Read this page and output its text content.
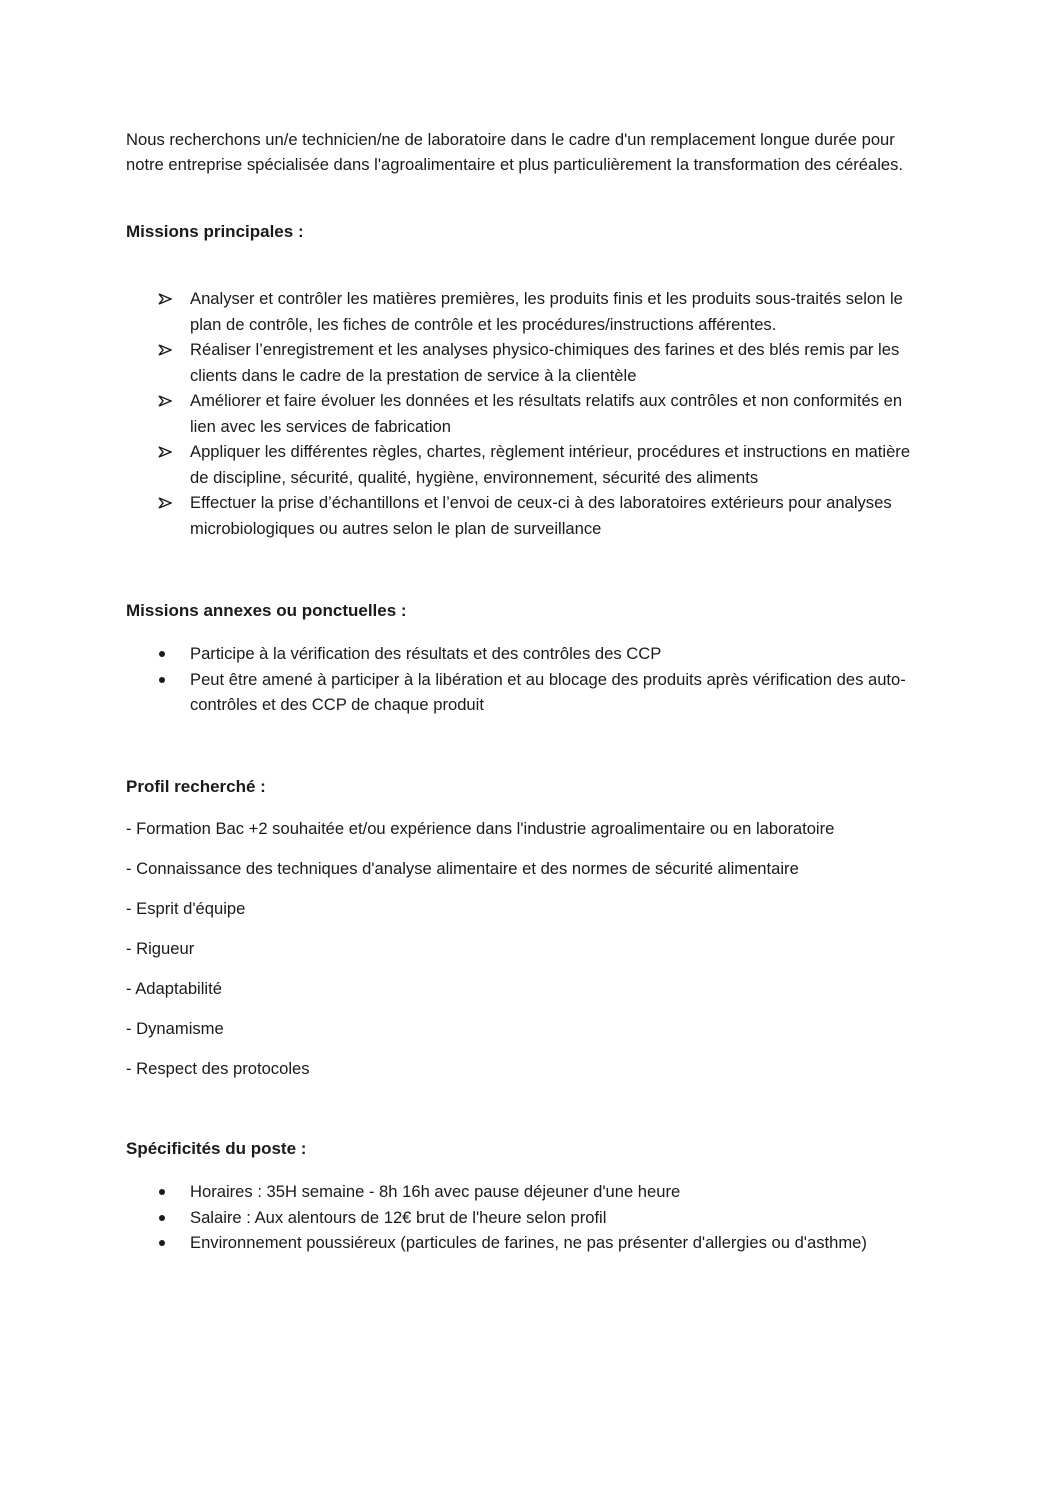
Nous recherchons un/e technicien/ne de laboratoire dans le cadre d'un remplacement longue durée pour notre entreprise spécialisée dans l'agroalimentaire et plus particulièrement la transformation des céréales.

Missions principales :
Analyser et contrôler les matières premières, les produits finis et les produits sous-traités selon le plan de contrôle, les fiches de contrôle et les procédures/instructions afférentes.
Réaliser l’enregistrement et les analyses physico-chimiques des farines et des blés remis par les clients dans le cadre de la prestation de service à la clientèle
Améliorer et faire évoluer les données et les résultats relatifs aux contrôles et non conformités en lien avec les services de fabrication
Appliquer les différentes règles, chartes, règlement intérieur, procédures et instructions en matière de discipline, sécurité, qualité, hygiène, environnement, sécurité des aliments
Effectuer la prise d’échantillons et l’envoi de ceux-ci à des laboratoires extérieurs pour analyses microbiologiques ou autres selon le plan de surveillance
Missions annexes ou ponctuelles :
Participe à la vérification des résultats et des contrôles des CCP
Peut être amené à participer à la libération et au blocage des produits après vérification des auto-contrôles et des CCP de chaque produit
Profil recherché :

- Formation Bac +2 souhaitée et/ou expérience dans l'industrie agroalimentaire ou en laboratoire

- Connaissance des techniques d'analyse alimentaire et des normes de sécurité alimentaire

- Esprit d'équipe

- Rigueur

- Adaptabilité

- Dynamisme

- Respect des protocoles

Spécificités du poste :
Horaires : 35H semaine - 8h 16h avec pause déjeuner d'une heure
Salaire : Aux alentours de 12€ brut de l'heure selon profil
Environnement poussiéreux (particules de farines, ne pas présenter d'allergies ou d'asthme)
